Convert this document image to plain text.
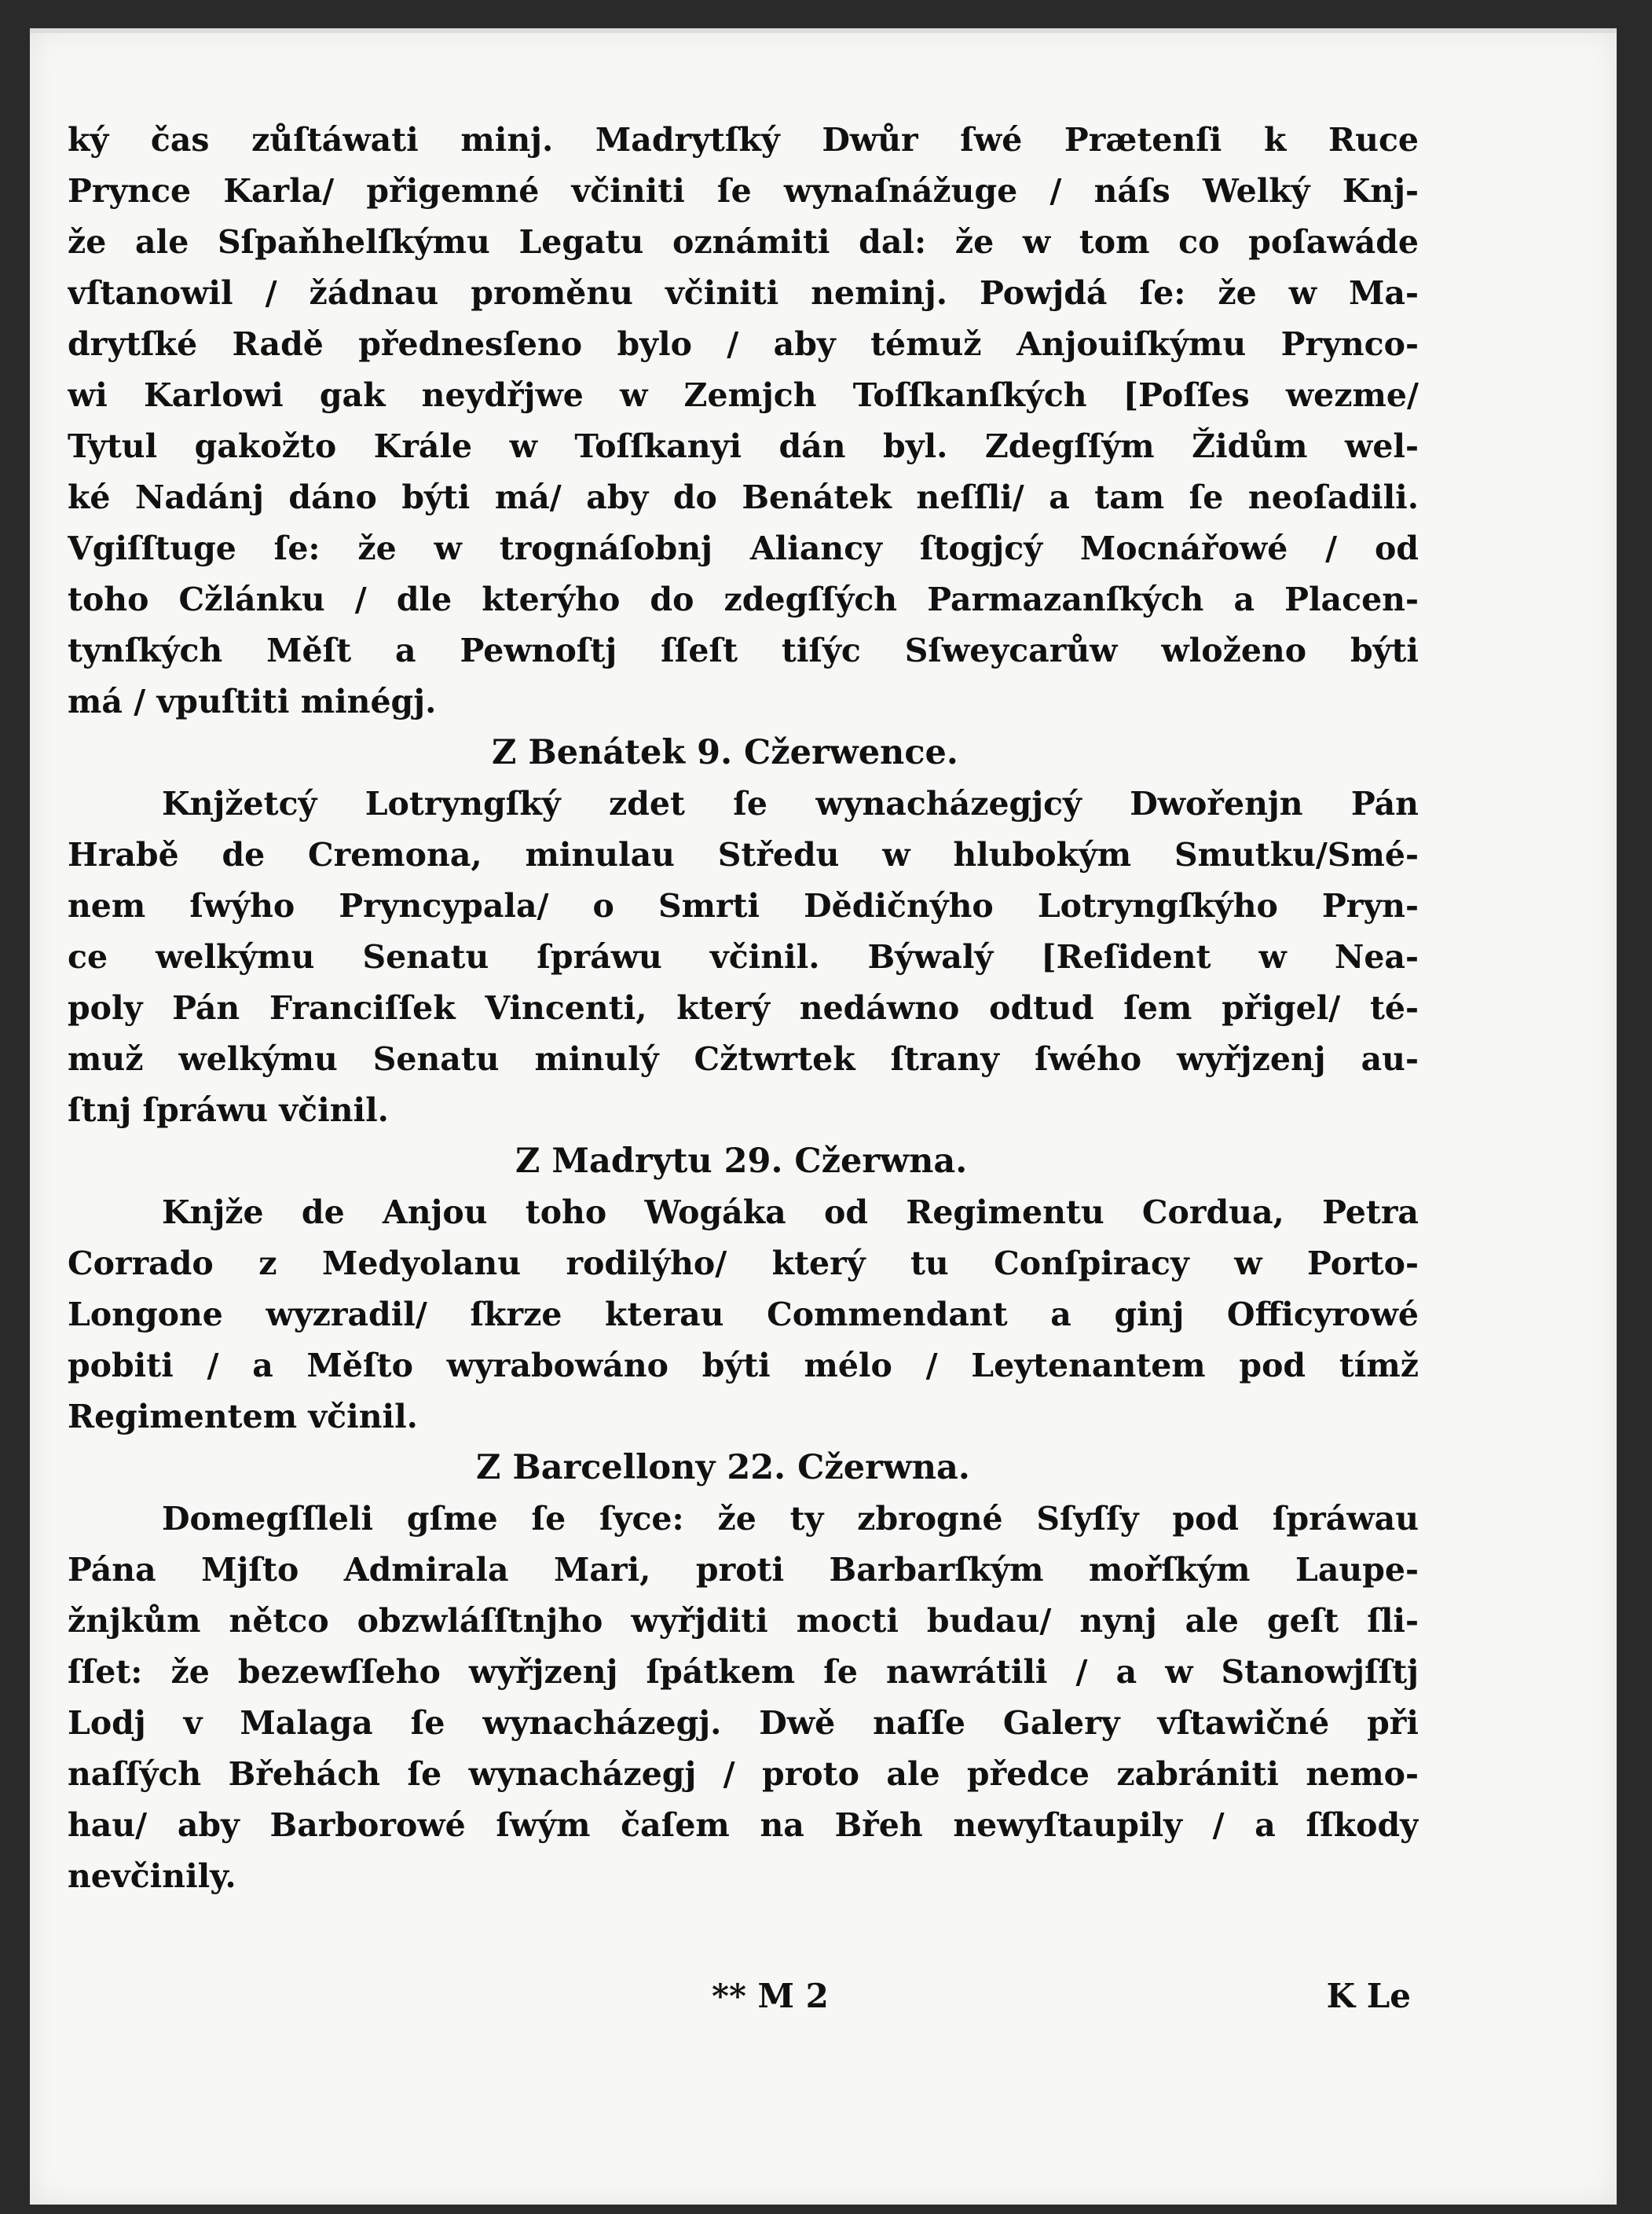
ký čas zůſtáwati minj. Madrytſký Dwůr ſwé Prætenſi k Ruce
Prynce Karla/ přigemné včiniti ſe wynaſnážuge / náſs Welký Knj-
že ale Sſpaňhelſkýmu Legatu oznámiti dal: že w tom co poſawáde
vſtanowil / žádnau proměnu včiniti neminj. Powjdá ſe: že w Ma-
drytſké Radě přednesſeno bylo / aby témuž Anjouiſkýmu Prynco-
wi Karlowi gak neydřjwe w Zemjch Toſſkanſkých [Poſſes wezme/
Tytul gakožto Krále w Toſſkanyi dán byl. Zdegſſým Židům wel-
ké Nadánj dáno býti má/ aby do Benátek neſſli/ a tam ſe neoſadili.
Vgiſſtuge ſe: že w trognáſobnj Aliancy ſtogjcý Mocnářowé / od
toho Cžlánku / dle kterýho do zdegſſých Parmazanſkých a Placen-
tynſkých Měſt a Pewnoſtj ſſeſt tiſýc Sſweycarůw wloženo býti
má / vpuſtiti minégj.
Z Benátek 9. Cžerwence.
Knjžetcý Lotryngſký zdet ſe wynacházegjcý Dwořenjn Pán
Hrabě de Cremona, minulau Středu w hlubokým Smutku/Smé-
nem ſwýho Pryncypala/ o Smrti Dědičnýho Lotryngſkýho Pryn-
ce welkýmu Senatu ſpráwu včinil. Býwalý [Reſident w Nea-
poly Pán Franciſſek Vincenti, který nedáwno odtud ſem přigel/ té-
muž welkýmu Senatu minulý Cžtwrtek ſtrany ſwého wyřjzenj au-
ſtnj ſpráwu včinil.
Z Madrytu 29. Cžerwna.
Knjže de Anjou toho Wogáka od Regimentu Cordua, Petra
Corrado z Medyolanu rodilýho/ který tu Conſpiracy w Porto-
Longone wyzradil/ ſkrze kterau Commendant a ginj Officyrowé
pobiti / a Měſto wyrabowáno býti mélo / Leytenantem pod tímž
Regimentem včinil.
Z Barcellony 22. Cžerwna.
Domegſſleli gſme ſe ſyce: že ty zbrogné Sſyſſy pod ſpráwau
Pána Mjſto Admirala Mari, proti Barbarſkým mořſkým Laupe-
žnjkům nětco obzwláſſtnjho wyřjditi mocti budau/ nynj ale geſt ſli-
ſſet: že bezewſſeho wyřjzenj ſpátkem ſe nawrátili / a w Stanowjſſtj
Lodj v Malaga ſe wynacházegj. Dwě naſſe Galery vſtawičné při
naſſých Břehách ſe wynacházegj / proto ale předce zabrániti nemo-
hau/ aby Barborowé ſwým čaſem na Břeh newyſtaupily / a ſſkody
nevčinily.
** M 2	K Le
